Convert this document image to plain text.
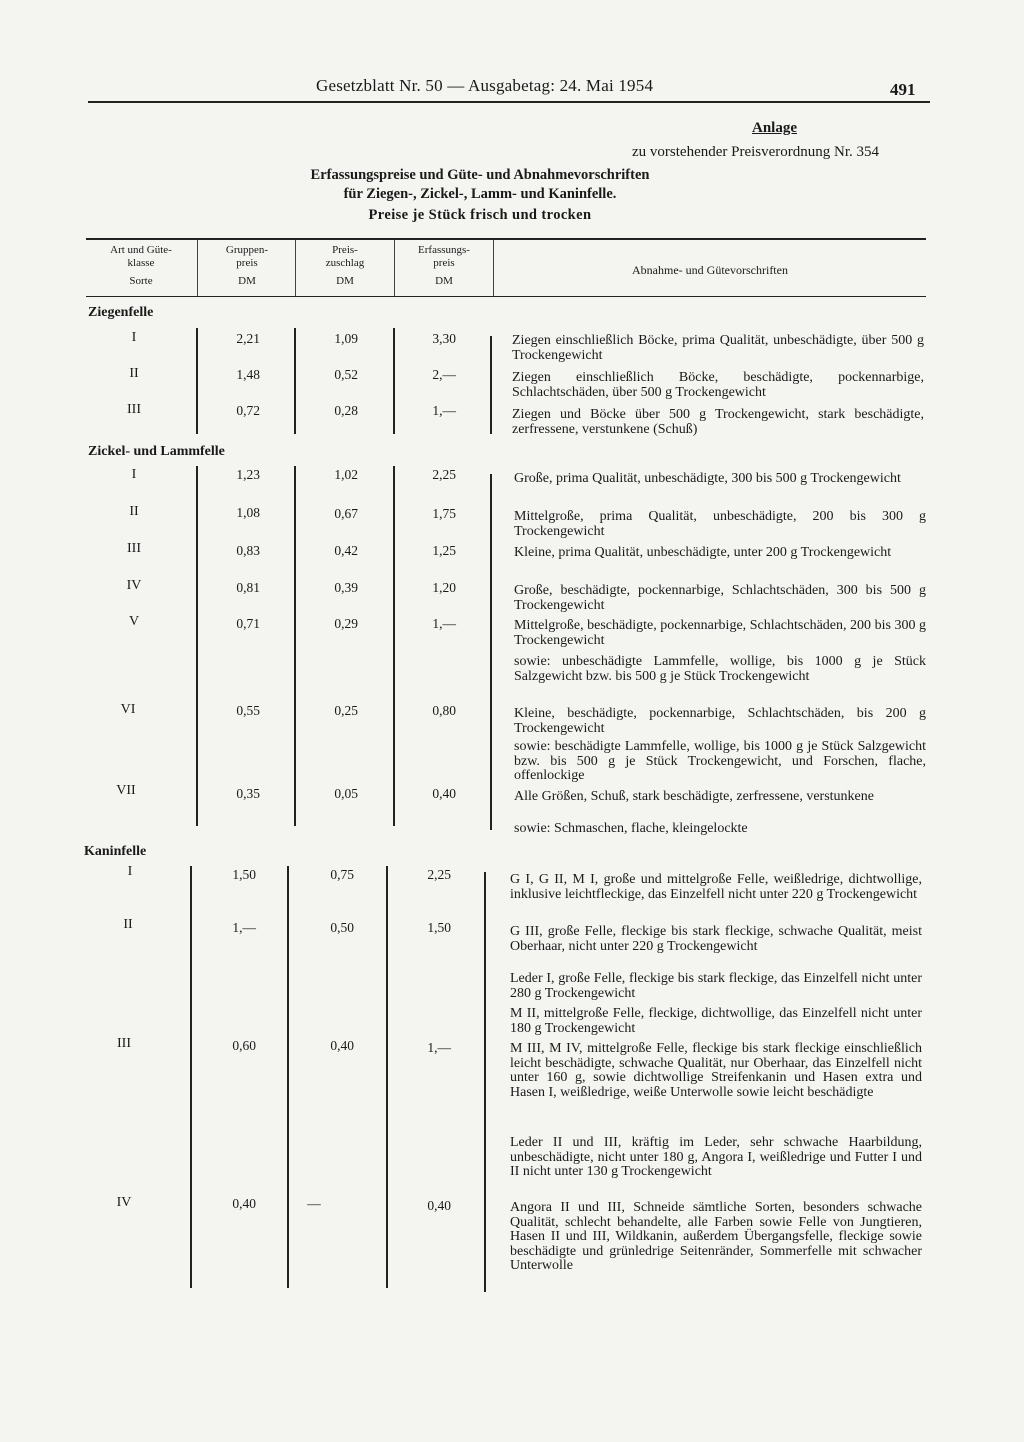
Gesetzblatt Nr. 50 — Ausgabetag: 24. Mai 1954	491
Anlage
zu vorstehender Preisverordnung Nr. 354
Erfassungspreise und Güte- und Abnahmevorschriften
für Ziegen-, Zickel-, Lamm- und Kaninfelle.
Preise je Stück frisch und trocken
Art und Güte-
klasse
Sorte
Gruppen-
preis
DM
Preis-
zuschlag
DM
Erfassungs-
preis
DM
Abnahme- und Gütevorschriften
Ziegenfelle
I	2,21	1,09	3,30	Ziegen einschließlich Böcke, prima Qualität, unbeschädigte, über 500 g Trockengewicht
II	1,48	0,52	2,—	Ziegen einschließlich Böcke, beschädigte, pockennarbige, Schlachtschäden, über 500 g Trockengewicht
III	0,72	0,28	1,—	Ziegen und Böcke über 500 g Trockengewicht, stark beschädigte, zerfressene, verstunkene (Schuß)
Zickel- und Lammfelle
I	1,23	1,02	2,25	Große, prima Qualität, unbeschädigte, 300 bis 500 g Trockengewicht
II	1,08	0,67	1,75	Mittelgroße, prima Qualität, unbeschädigte, 200 bis 300 g Trockengewicht
III	0,83	0,42	1,25	Kleine, prima Qualität, unbeschädigte, unter 200 g Trockengewicht
IV	0,81	0,39	1,20	Große, beschädigte, pockennarbige, Schlachtschäden, 300 bis 500 g Trockengewicht
V	0,71	0,29	1,—	Mittelgroße, beschädigte, pockennarbige, Schlachtschäden, 200 bis 300 g Trockengewicht
sowie: unbeschädigte Lammfelle, wollige, bis 1000 g je Stück Salzgewicht bzw. bis 500 g je Stück Trockengewicht
VI	0,55	0,25	0,80	Kleine, beschädigte, pockennarbige, Schlachtschäden, bis 200 g Trockengewicht
sowie: beschädigte Lammfelle, wollige, bis 1000 g je Stück Salzgewicht bzw. bis 500 g je Stück Trockengewicht, und Forschen, flache, offenlockige
VII	0,35	0,05	0,40	Alle Größen, Schuß, stark beschädigte, zerfressene, verstunkene
sowie: Schmaschen, flache, kleingelockte
Kaninfelle
I	1,50	0,75	2,25	G I, G II, M I, große und mittelgroße Felle, weißledrige, dichtwollige, inklusive leichtfleckige, das Einzelfell nicht unter 220 g Trockengewicht
II	1,—	0,50	1,50	G III, große Felle, fleckige bis stark fleckige, schwache Qualität, meist Oberhaar, nicht unter 220 g Trockengewicht
Leder I, große Felle, fleckige bis stark fleckige, das Einzelfell nicht unter 280 g Trockengewicht
M II, mittelgroße Felle, fleckige, dichtwollige, das Einzelfell nicht unter 180 g Trockengewicht
III	0,60	0,40	1,—	M III, M IV, mittelgroße Felle, fleckige bis stark fleckige einschließlich leicht beschädigte, schwache Qualität, nur Oberhaar, das Einzelfell nicht unter 160 g, sowie dichtwollige Streifenkanin und Hasen extra und Hasen I, weißledrige, weiße Unterwolle sowie leicht beschädigte
Leder II und III, kräftig im Leder, sehr schwache Haarbildung, unbeschädigte, nicht unter 180 g, Angora I, weißledrige und Futter I und II nicht unter 130 g Trockengewicht
IV	0,40	—	0,40	Angora II und III, Schneide sämtliche Sorten, besonders schwache Qualität, schlecht behandelte, alle Farben sowie Felle von Jungtieren, Hasen II und III, Wildkanin, außerdem Übergangsfelle, fleckige sowie beschädigte und grünledrige Seitenränder, Sommerfelle mit schwacher Unterwolle
